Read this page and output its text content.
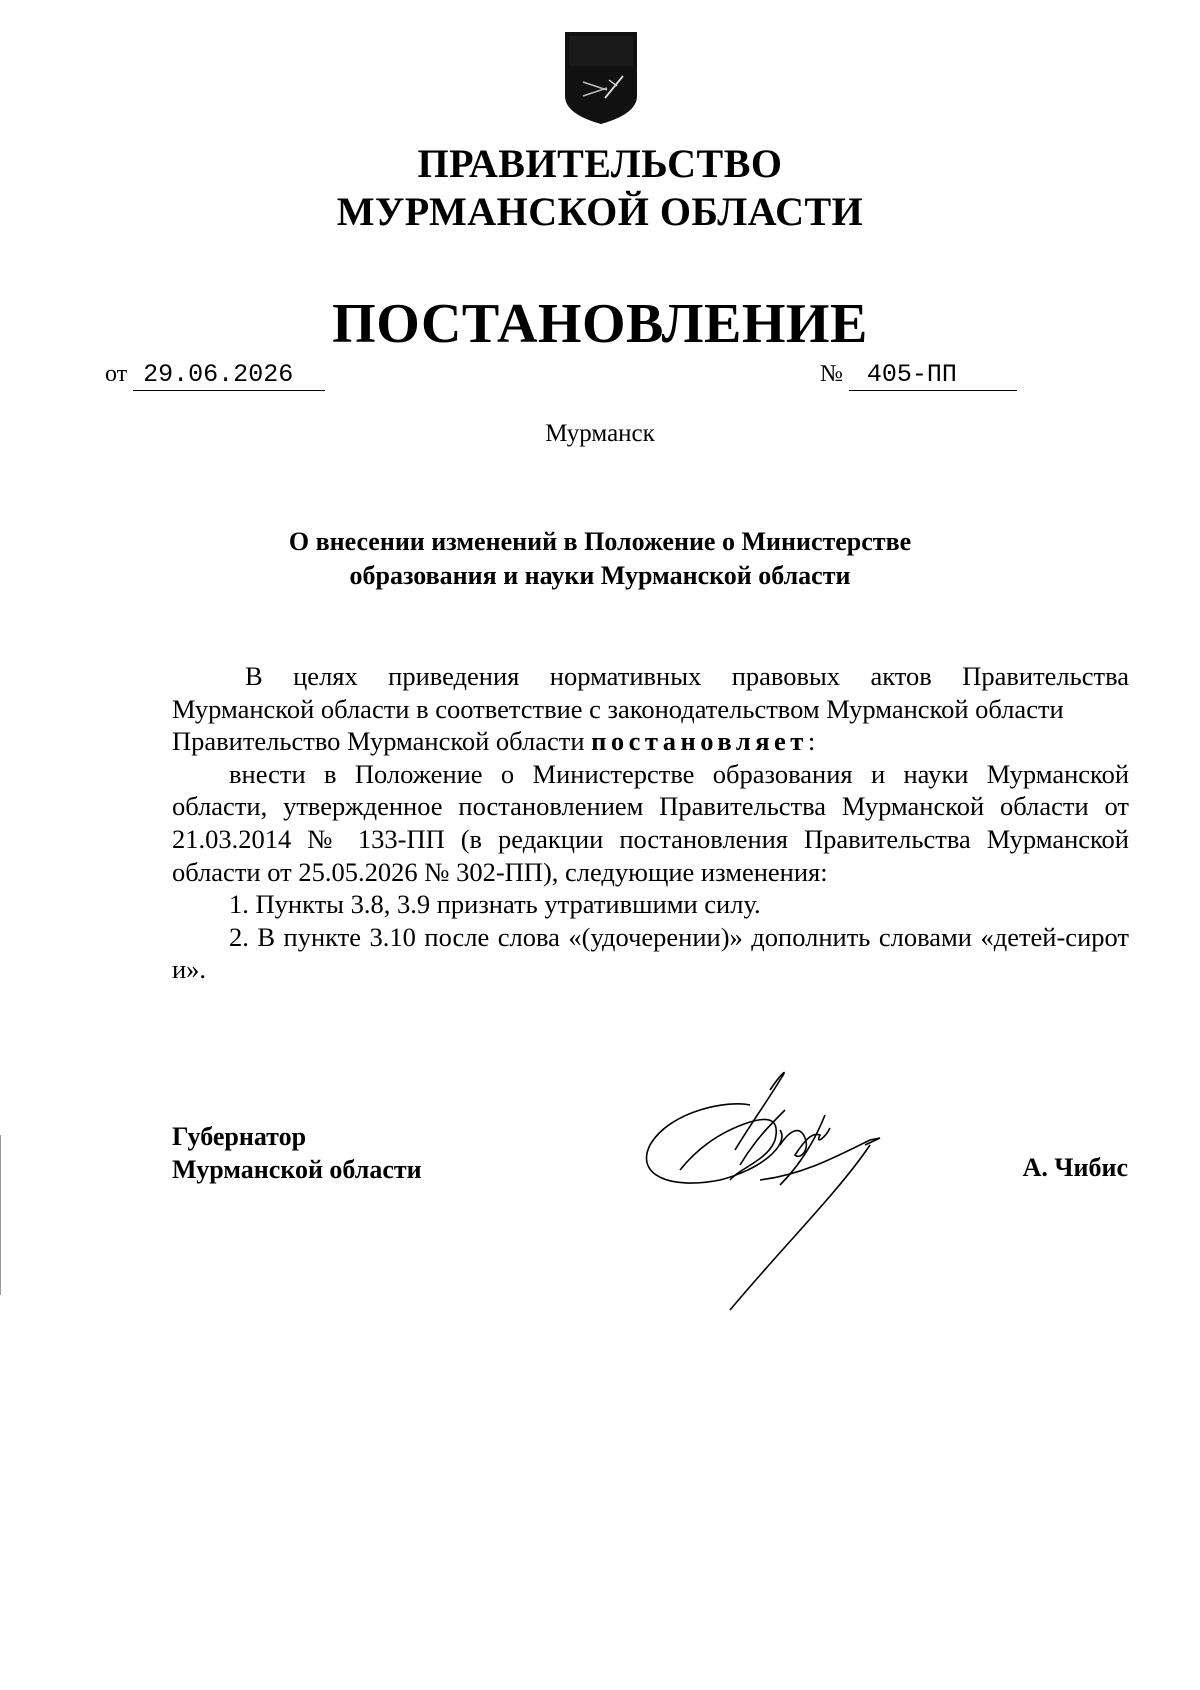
ПРАВИТЕЛЬСТВО
МУРМАНСКОЙ ОБЛАСТИ
ПОСТАНОВЛЕНИЕ
от 29.06.2026	№ 405-ПП
Мурманск
О внесении изменений в Положение о Министерстве
образования и науки Мурманской области

В целях приведения нормативных правовых актов Правительства Мурманской области в соответствие с законодательством Мурманской области

Правительство Мурманской области постановляет:

внести в Положение о Министерстве образования и науки Мурманской области, утвержденное постановлением Правительства Мурманской области от 21.03.2014 № 133-ПП (в редакции постановления Правительства Мурманской области от 25.05.2026 № 302-ПП), следующие изменения:

1. Пункты 3.8, 3.9 признать утратившими силу.

2. В пункте 3.10 после слова «(удочерении)» дополнить словами «детей-сирот и».

Губернатор
Мурманской области	А. Чибис
